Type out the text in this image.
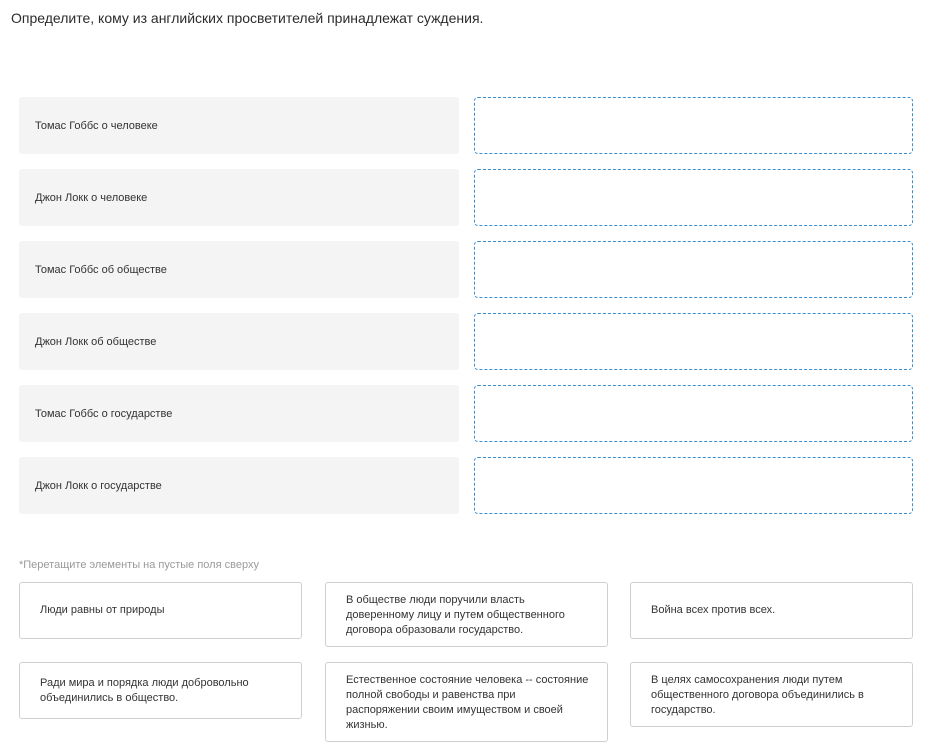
Определите, кому из английских просветителей принадлежат суждения.
Томас Гоббс о человеке
Джон Локк о человеке
Томас Гоббс об обществе
Джон Локк об обществе
Томас Гоббс о государстве
Джон Локк о государстве
*Перетащите элементы на пустые поля сверху
Люди равны от природы
В обществе люди поручили власть доверенному лицу и путем общественного договора образовали государство.
Война всех против всех.
Ради мира и порядка люди добровольно объединились в общество.
Естественное состояние человека -- состояние полной свободы и равенства при распоряжении своим имуществом и своей жизнью.
В целях самосохранения люди путем общественного договора объединились в государство.
